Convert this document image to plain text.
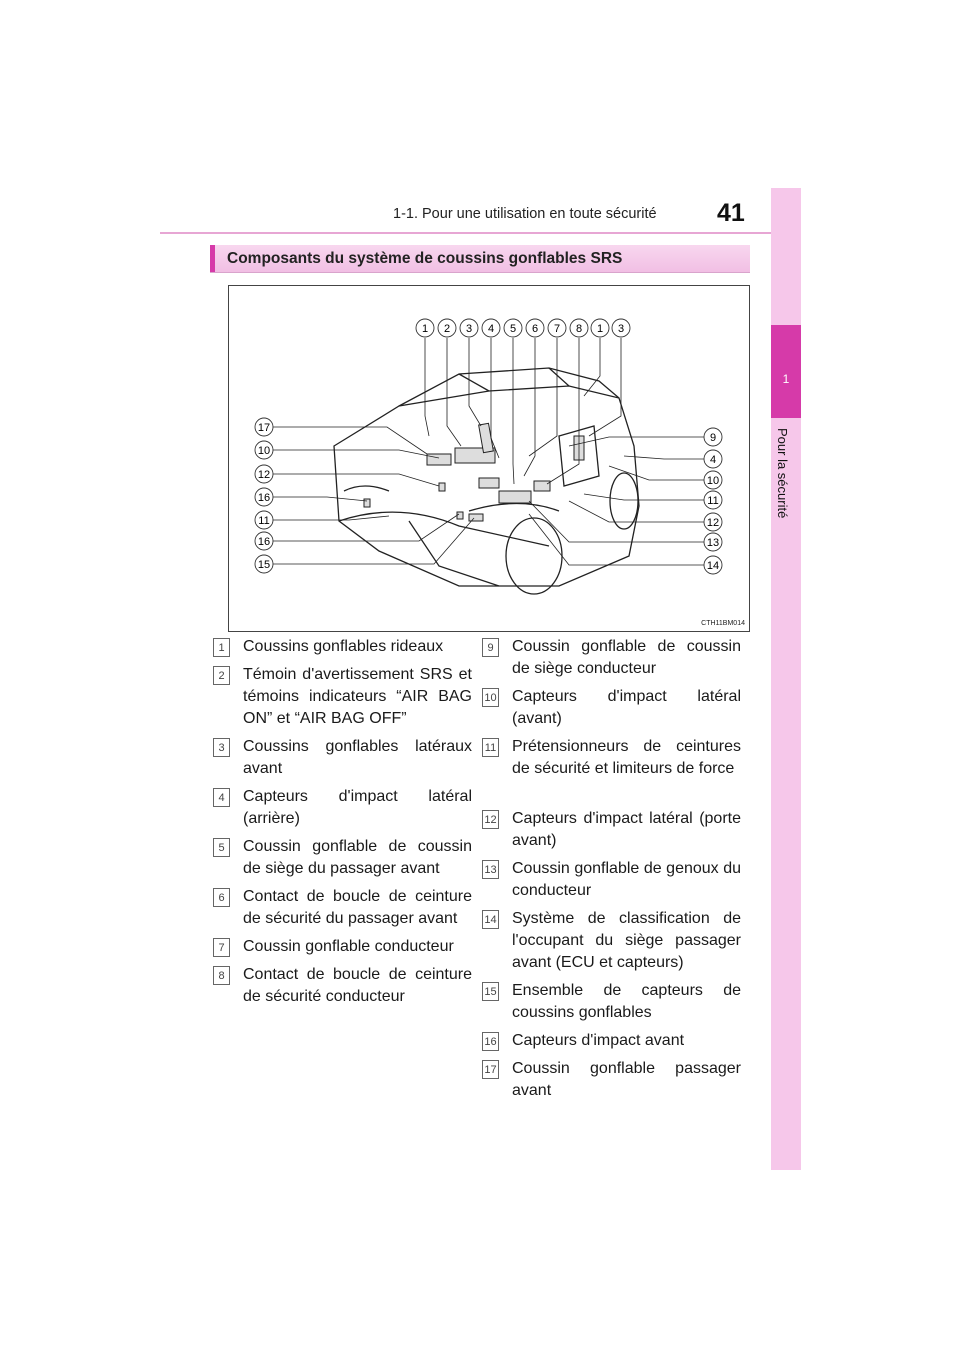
1-1. Pour une utilisation en toute sécurité 41
1
Pour la sécurité
Composants du système de coussins gonflables SRS
1 2 3 4 5 6 7 8 1 3
17
10
12
16
11
16
15
9
4
10
11
12
13
14
CTH11BM014
1	Coussins gonflables rideaux
2	Témoin d'avertissement SRS et témoins indicateurs “AIR BAG ON” et “AIR BAG OFF”
3	Coussins gonflables latéraux avant
4	Capteurs d'impact latéral (arrière)
5	Coussin gonflable de coussin de siège du passager avant
6	Contact de boucle de ceinture de sécurité du passager avant
7	Coussin gonflable conducteur
8	Contact de boucle de ceinture de sécurité conducteur
9	Coussin gonflable de coussin de siège conducteur
10 Capteurs d'impact latéral (avant)
11 Prétensionneurs de ceintures de sécurité et limiteurs de force
12 Capteurs d'impact latéral (porte avant)
13 Coussin gonflable de genoux du conducteur
14 Système de classification de l'occupant du siège passager avant (ECU et capteurs)
15 Ensemble de capteurs de coussins gonflables
16 Capteurs d'impact avant
17 Coussin gonflable passager avant
